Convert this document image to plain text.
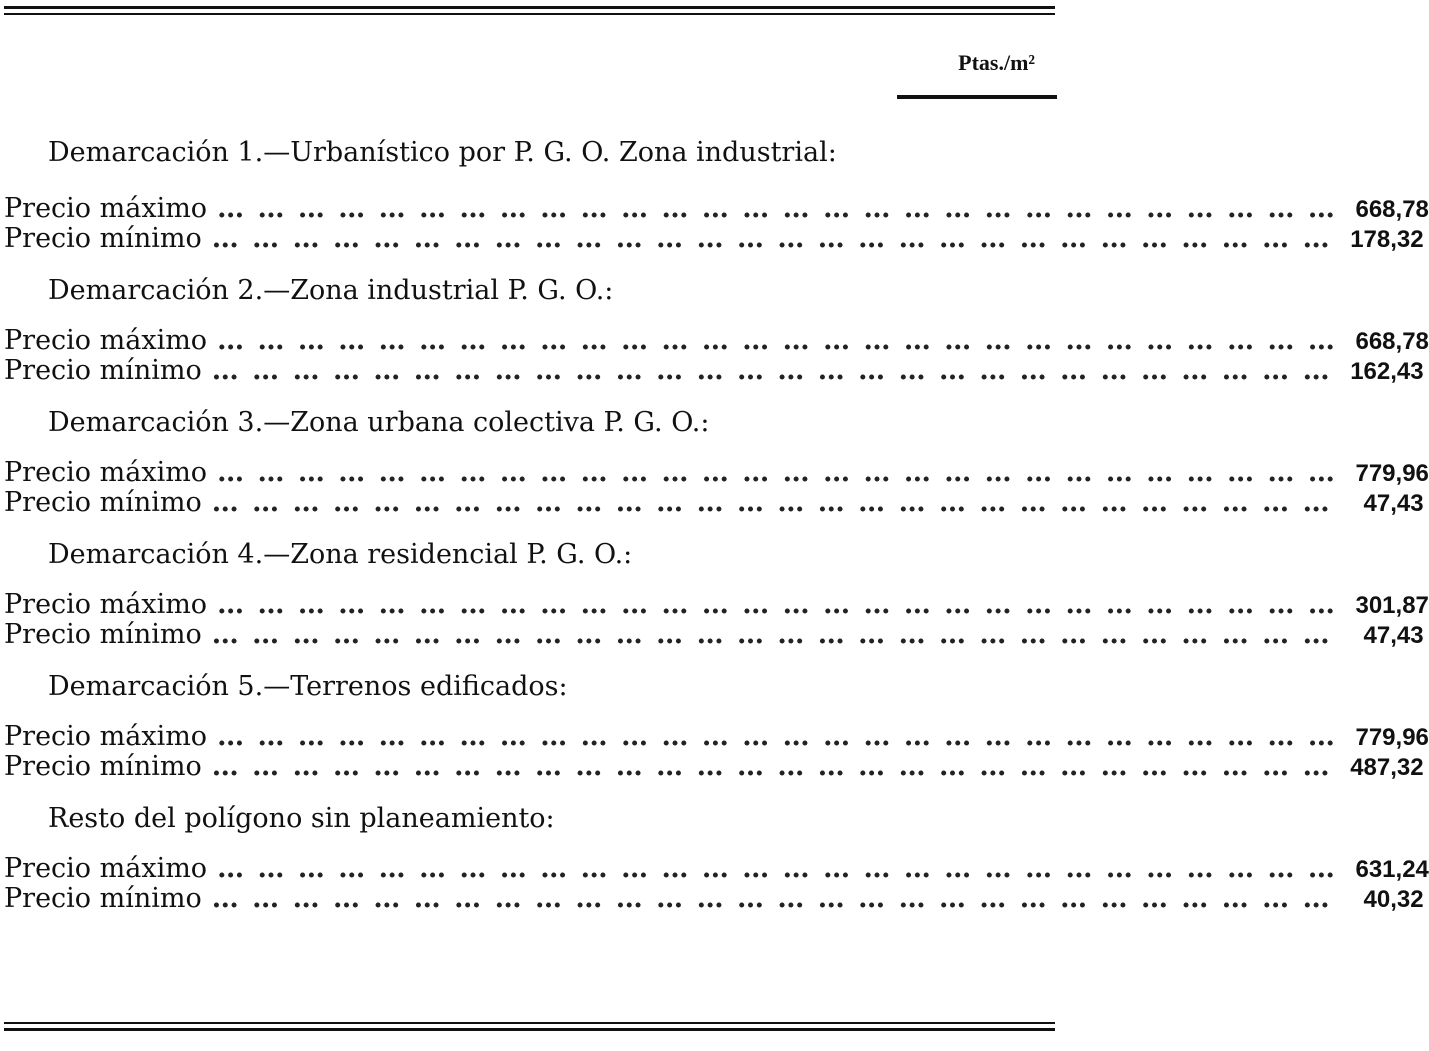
Ptas./m²

Demarcación 1.—Urbanístico por P. G. O. Zona industrial:

Precio máximo … … … … … … … … … … … … … … … … … … … … … … … … … … … … 668,78
Precio mínimo … … … … … … … … … … … … … … … … … … … … … … … … … … … … 178,32

Demarcación 2.—Zona industrial P. G. O.:

Precio máximo … … … … … … … … … … … … … … … … … … … … … … … … … … … … 668,78
Precio mínimo … … … … … … … … … … … … … … … … … … … … … … … … … … … … 162,43

Demarcación 3.—Zona urbana colectiva P. G. O.:

Precio máximo … … … … … … … … … … … … … … … … … … … … … … … … … … … … 779,96
Precio mínimo … … … … … … … … … … … … … … … … … … … … … … … … … … … …	47,43

Demarcación 4.—Zona residencial P. G. O.:

Precio máximo … … … … … … … … … … … … … … … … … … … … … … … … … … … … 301,87
Precio mínimo … … … … … … … … … … … … … … … … … … … … … … … … … … … …	47,43

Demarcación 5.—Terrenos edificados:

Precio máximo … … … … … … … … … … … … … … … … … … … … … … … … … … … … 779,96
Precio mínimo … … … … … … … … … … … … … … … … … … … … … … … … … … … … 487,32

Resto del polígono sin planeamiento:

Precio máximo … … … … … … … … … … … … … … … … … … … … … … … … … … … … 631,24
Precio mínimo … … … … … … … … … … … … … … … … … … … … … … … … … … … …	40,32
